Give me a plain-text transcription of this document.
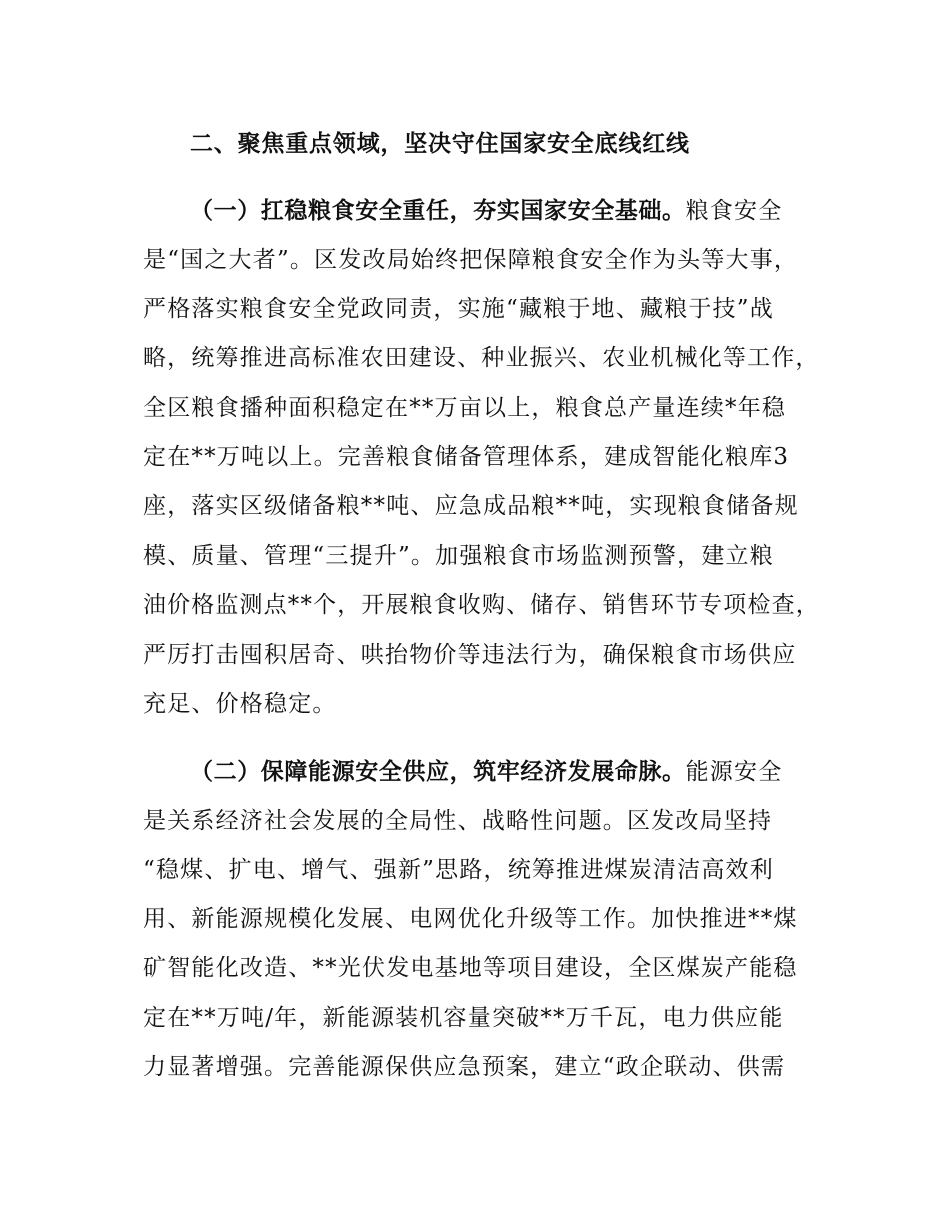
二、聚焦重点领域，坚决守住国家安全底线红线
（一）扛稳粮食安全重任，夯实国家安全基础。粮食安全
是“国之大者”。区发改局始终把保障粮食安全作为头等大事，
严格落实粮食安全党政同责，实施“藏粮于地、藏粮于技”战
略，统筹推进高标准农田建设、种业振兴、农业机械化等工作，
全区粮食播种面积稳定在**万亩以上，粮食总产量连续*年稳
定在**万吨以上。完善粮食储备管理体系，建成智能化粮库3
座，落实区级储备粮**吨、应急成品粮**吨，实现粮食储备规
模、质量、管理“三提升”。加强粮食市场监测预警，建立粮
油价格监测点**个，开展粮食收购、储存、销售环节专项检查，
严厉打击囤积居奇、哄抬物价等违法行为，确保粮食市场供应
充足、价格稳定。
（二）保障能源安全供应，筑牢经济发展命脉。能源安全
是关系经济社会发展的全局性、战略性问题。区发改局坚持
“稳煤、扩电、增气、强新”思路，统筹推进煤炭清洁高效利
用、新能源规模化发展、电网优化升级等工作。加快推进**煤
矿智能化改造、**光伏发电基地等项目建设，全区煤炭产能稳
定在**万吨/年，新能源装机容量突破**万千瓦，电力供应能
力显著增强。完善能源保供应急预案，建立“政企联动、供需
